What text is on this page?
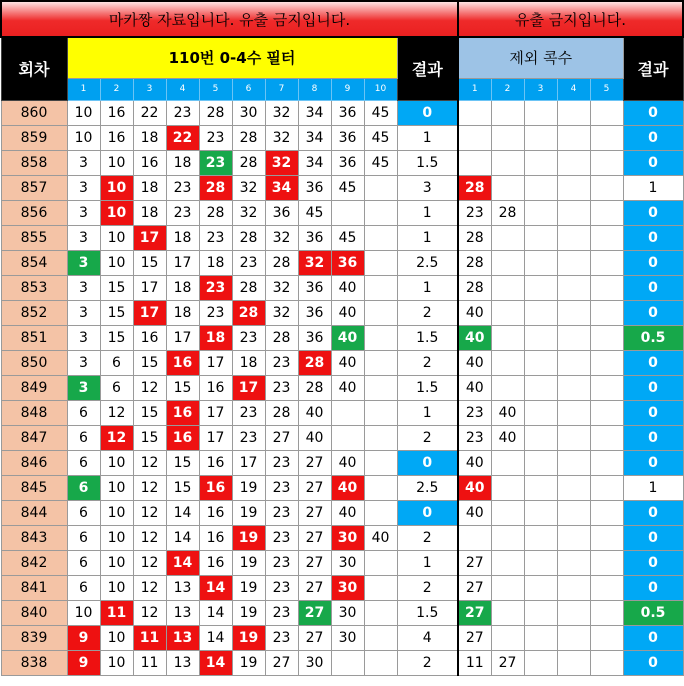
마카짱 자료입니다. 유출 금지입니다.												유출 금지입니다.					
회차	110번 0-4수 필터										결과	제외 콕수					결과
	1	2	3	4	5	6	7	8	9	10		1	2	3	4	5	
860	10	16	22	23	28	30	32	34	36	45	0						0
859	10	16	18	22	23	28	32	34	36	45	1						0
858	3	10	16	18	23	28	32	34	36	45	1.5						0
857	3	10	18	23	28	32	34	36	45		3	28					1
856	3	10	18	23	28	32	36	45			1	23	28				0
855	3	10	17	18	23	28	32	36	45		1	28					0
854	3	10	15	17	18	23	28	32	36		2.5	28					0
853	3	15	17	18	23	28	32	36	40		1	28					0
852	3	15	17	18	23	28	32	36	40		2	40					0
851	3	15	16	17	18	23	28	36	40		1.5	40					0.5
850	3	6	15	16	17	18	23	28	40		2	40					0
849	3	6	12	15	16	17	23	28	40		1.5	40					0
848	6	12	15	16	17	23	28	40			1	23	40				0
847	6	12	15	16	17	23	27	40			2	23	40				0
846	6	10	12	15	16	17	23	27	40		0	40					0
845	6	10	12	15	16	19	23	27	40		2.5	40					1
844	6	10	12	14	16	19	23	27	40		0	40					0
843	6	10	12	14	16	19	23	27	30	40	2						0
842	6	10	12	14	16	19	23	27	30		1	27					0
841	6	10	12	13	14	19	23	27	30		2	27					0
840	10	11	12	13	14	19	23	27	30		1.5	27					0.5
839	9	10	11	13	14	19	23	27	30		4	27					0
838	9	10	11	13	14	19	27	30			2	11	27				0
